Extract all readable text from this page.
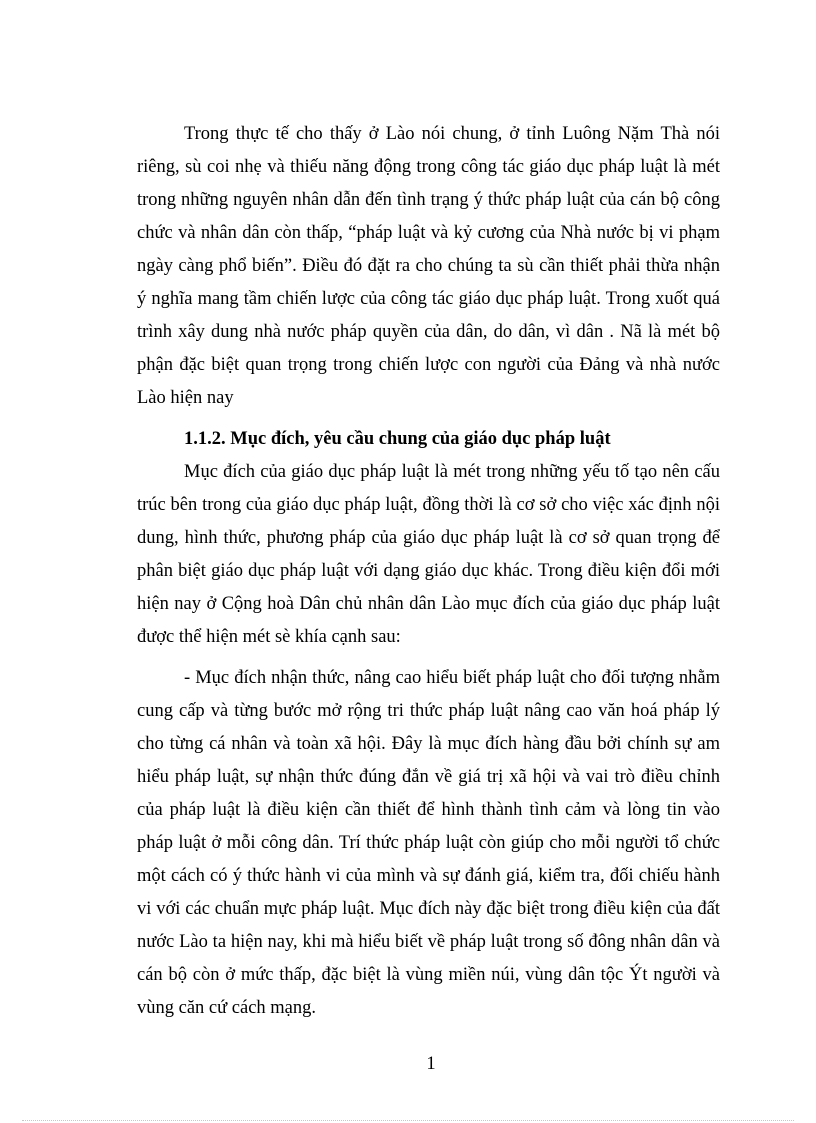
Trong thực tế cho thấy ở Lào nói chung, ở tỉnh Luông Nặm Thà nói riêng, sù coi nhẹ và thiếu năng động trong công tác giáo dục pháp luật là mét trong những nguyên nhân dẫn đến tình trạng ý thức pháp luật của cán bộ công chức và nhân dân còn thấp, “pháp luật và kỷ cương của Nhà nước bị vi phạm ngày càng phổ biến”. Điều đó đặt ra cho chúng ta sù cần thiết phải thừa nhận ý nghĩa mang tầm chiến lược của công tác giáo dục pháp luật. Trong xuốt quá trình xây dung nhà nước pháp quyền của dân, do dân, vì dân . Nã là mét bộ phận đặc biệt quan trọng trong chiến lược con người của Đảng và nhà nước Lào hiện nay

1.1.2. Mục đích, yêu cầu chung của giáo dục pháp luật

Mục đích của giáo dục pháp luật là mét trong những yếu tố tạo nên cấu trúc bên trong của giáo dục pháp luật, đồng thời là cơ sở cho việc xác định nội dung, hình thức, phương pháp của giáo dục pháp luật là cơ sở quan trọng để phân biệt giáo dục pháp luật với dạng giáo dục khác. Trong điều kiện đổi mới hiện nay ở Cộng hoà Dân chủ nhân dân Lào mục đích của giáo dục pháp luật được thể hiện mét sè khía cạnh sau:

- Mục đích nhận thức, nâng cao hiểu biết pháp luật cho đối tượng nhằm cung cấp và từng bước mở rộng tri thức pháp luật nâng cao văn hoá pháp lý cho từng cá nhân và toàn xã hội. Đây là mục đích hàng đầu bởi chính sự am hiểu pháp luật, sự nhận thức đúng đắn về giá trị xã hội và vai trò điều chỉnh của pháp luật là điều kiện cần thiết để hình thành tình cảm và lòng tin vào pháp luật ở mỗi công dân. Trí thức pháp luật còn giúp cho mỗi người tổ chức một cách có ý thức hành vi của mình và sự đánh giá, kiểm tra, đối chiếu hành vi với các chuẩn mực pháp luật. Mục đích này đặc biệt trong điều kiện của đất nước Lào ta hiện nay, khi mà hiểu biết về pháp luật trong số đông nhân dân và cán bộ còn ở mức thấp, đặc biệt là vùng miền núi, vùng dân tộc Ýt người và vùng căn cứ cách mạng.

1
